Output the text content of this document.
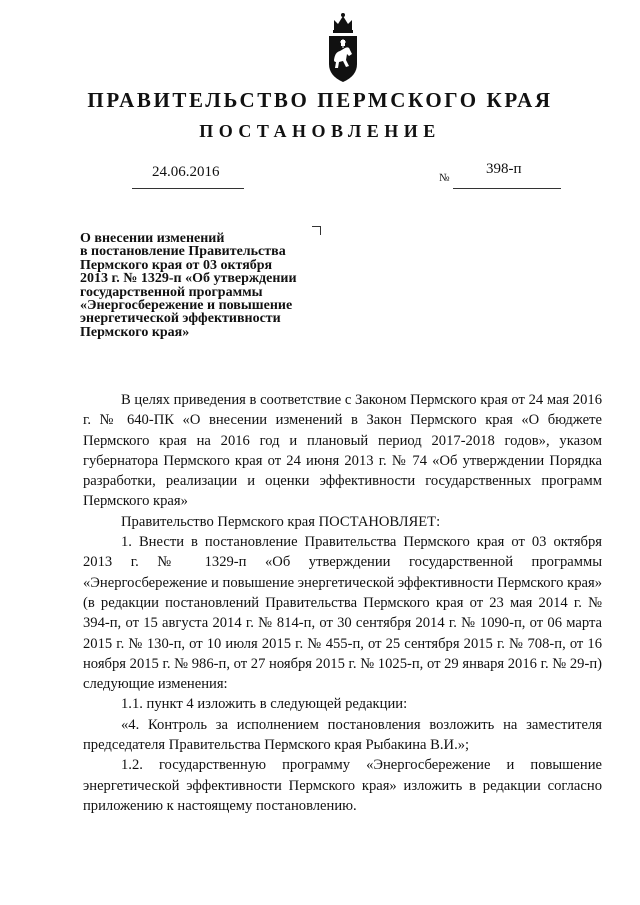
ПРАВИТЕЛЬСТВО ПЕРМСКОГО КРАЯ
ПОСТАНОВЛЕНИЕ
24.06.2016	№
398-п
О внесении изменений
в постановление Правительства
Пермского края от 03 октября
2013 г. № 1329-п «Об утверждении
государственной программы
«Энергосбережение и повышение
энергетической эффективности
Пермского края»

В целях приведения в соответствие с Законом Пермского края от 24 мая 2016 г. № 640-ПК «О внесении изменений в Закон Пермского края «О бюджете Пермского края на 2016 год и плановый период 2017-2018 годов», указом губернатора Пермского края от 24 июня 2013 г. № 74 «Об утверждении Порядка разработки, реализации и оценки эффективности государственных программ Пермского края»

Правительство Пермского края ПОСТАНОВЛЯЕТ:

1. Внести в постановление Правительства Пермского края от 03 октября 2013 г. № 1329-п «Об утверждении государственной программы «Энергосбережение и повышение энергетической эффективности Пермского края» (в редакции постановлений Правительства Пермского края от 23 мая 2014 г. № 394-п, от 15 августа 2014 г. № 814-п, от 30 сентября 2014 г. № 1090-п, от 06 марта 2015 г. № 130-п, от 10 июля 2015 г. № 455-п, от 25 сентября 2015 г. № 708-п, от 16 ноября 2015 г. № 986-п, от 27 ноября 2015 г. № 1025-п, от 29 января 2016 г. № 29-п) следующие изменения:

1.1. пункт 4 изложить в следующей редакции:

«4. Контроль за исполнением постановления возложить на заместителя председателя Правительства Пермского края Рыбакина В.И.»;

1.2. государственную программу «Энергосбережение и повышение энергетической эффективности Пермского края» изложить в редакции согласно приложению к настоящему постановлению.
